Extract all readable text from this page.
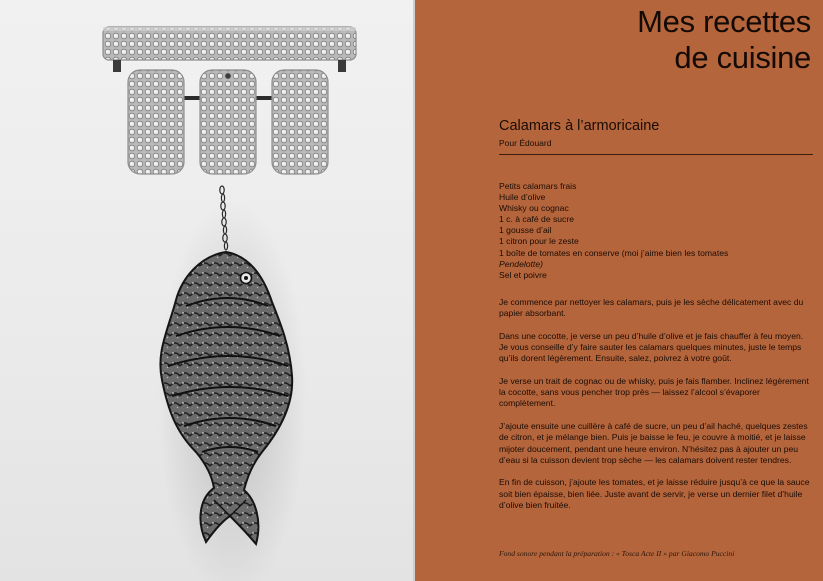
Mes recettes
de cuisine
Calamars à l’armoricaine
Pour Édouard
Petits calamars frais
Huile d’olive
Whisky ou cognac
1 c. à café de sucre
1 gousse d’ail
1 citron pour le zeste
1 boîte de tomates en conserve (moi j’aime bien les tomates
Pendelotte)
Sel et poivre

Je commence par nettoyer les calamars, puis je les sèche délicatement avec du papier absorbant.

Dans une cocotte, je verse un peu d’huile d’olive et je fais chauffer à feu moyen. Je vous conseille d’y faire sauter les calamars quelques minutes, juste le temps qu’ils dorent légèrement. Ensuite, salez, poivrez à votre goût.

Je verse un trait de cognac ou de whisky, puis je fais flamber. Inclinez légèrement la cocotte, sans vous pencher trop près — laissez l’alcool s’évaporer complètement.

J’ajoute ensuite une cuillère à café de sucre, un peu d’ail haché, quelques zestes de citron, et je mélange bien. Puis je baisse le feu, je couvre à moitié, et je laisse mijoter doucement, pendant une heure environ. N’hésitez pas à ajouter un peu d’eau si la cuisson devient trop sèche — les calamars doivent rester tendres.

En fin de cuisson, j’ajoute les tomates, et je laisse réduire jusqu’à ce que la sauce soit bien épaisse, bien liée. Juste avant de servir, je verse un dernier filet d’huile d’olive bien fruitée.

Fond sonore pendant la préparation : « Tosca Acte II » par Giacomo Puccini
